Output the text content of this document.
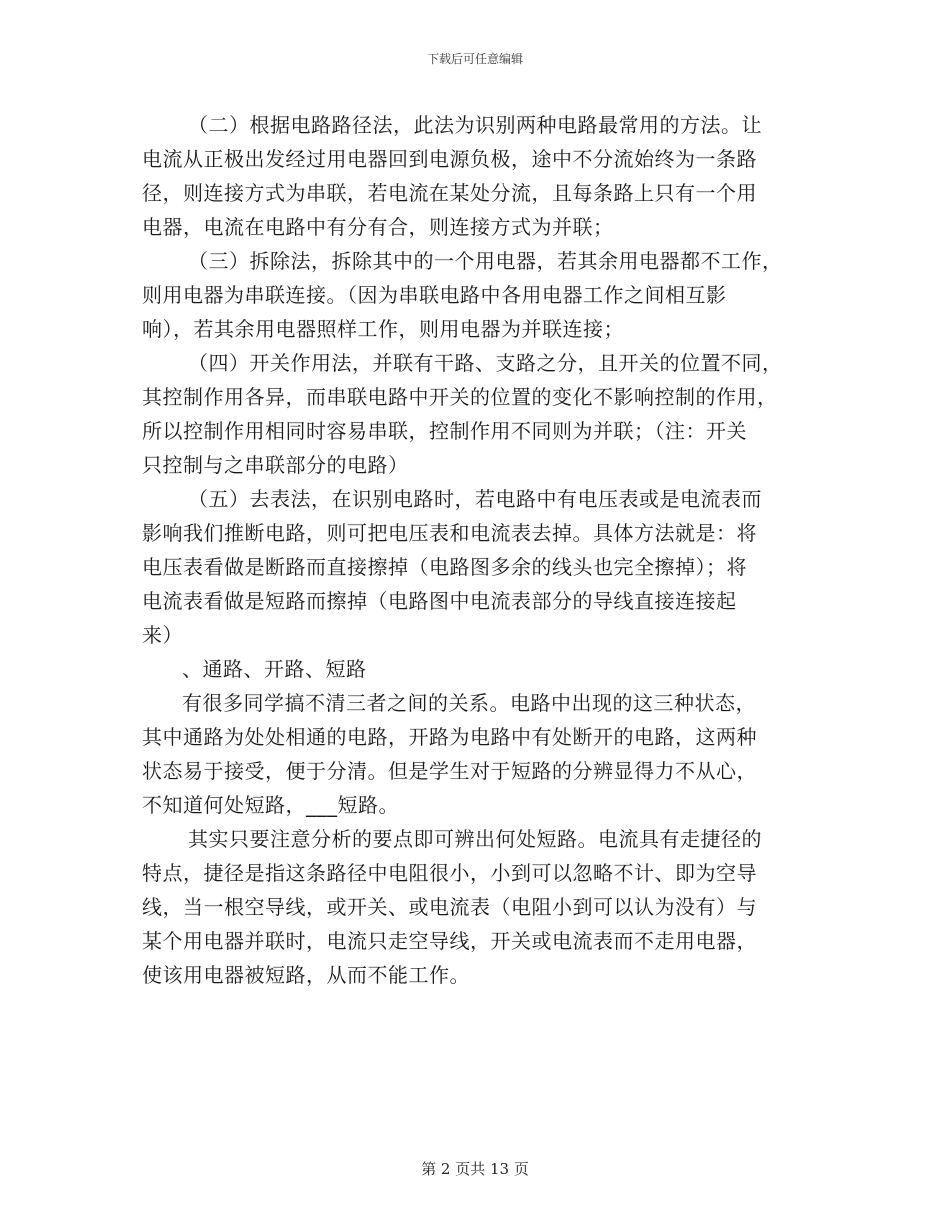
下载后可任意编辑
（二）根据电路路径法，此法为识别两种电路最常用的方法。让
电流从正极出发经过用电器回到电源负极，途中不分流始终为一条路
径，则连接方式为串联，若电流在某处分流，且每条路上只有一个用
电器，电流在电路中有分有合，则连接方式为并联；
（三）拆除法，拆除其中的一个用电器，若其余用电器都不工作，
则用电器为串联连接。（因为串联电路中各用电器工作之间相互影
响），若其余用电器照样工作，则用电器为并联连接；
（四）开关作用法，并联有干路、支路之分，且开关的位置不同，
其控制作用各异，而串联电路中开关的位置的变化不影响控制的作用，
所以控制作用相同时容易串联，控制作用不同则为并联；（注：开关
只控制与之串联部分的电路）
（五）去表法，在识别电路时，若电路中有电压表或是电流表而
影响我们推断电路，则可把电压表和电流表去掉。具体方法就是：将
电压表看做是断路而直接擦掉（电路图多余的线头也完全擦掉）；将
电流表看做是短路而擦掉（电路图中电流表部分的导线直接连接起
来）
、通路、开路、短路
有很多同学搞不清三者之间的关系。电路中出现的这三种状态，
其中通路为处处相通的电路，开路为电路中有处断开的电路，这两种
状态易于接受，便于分清。但是学生对于短路的分辨显得力不从心，
不知道何处短路，___短路。
其实只要注意分析的要点即可辨出何处短路。电流具有走捷径的
特点，捷径是指这条路径中电阻很小，小到可以忽略不计、即为空导
线，当一根空导线，或开关、或电流表（电阻小到可以认为没有）与
某个用电器并联时，电流只走空导线，开关或电流表而不走用电器，
使该用电器被短路，从而不能工作。
第 2 页共 13 页
